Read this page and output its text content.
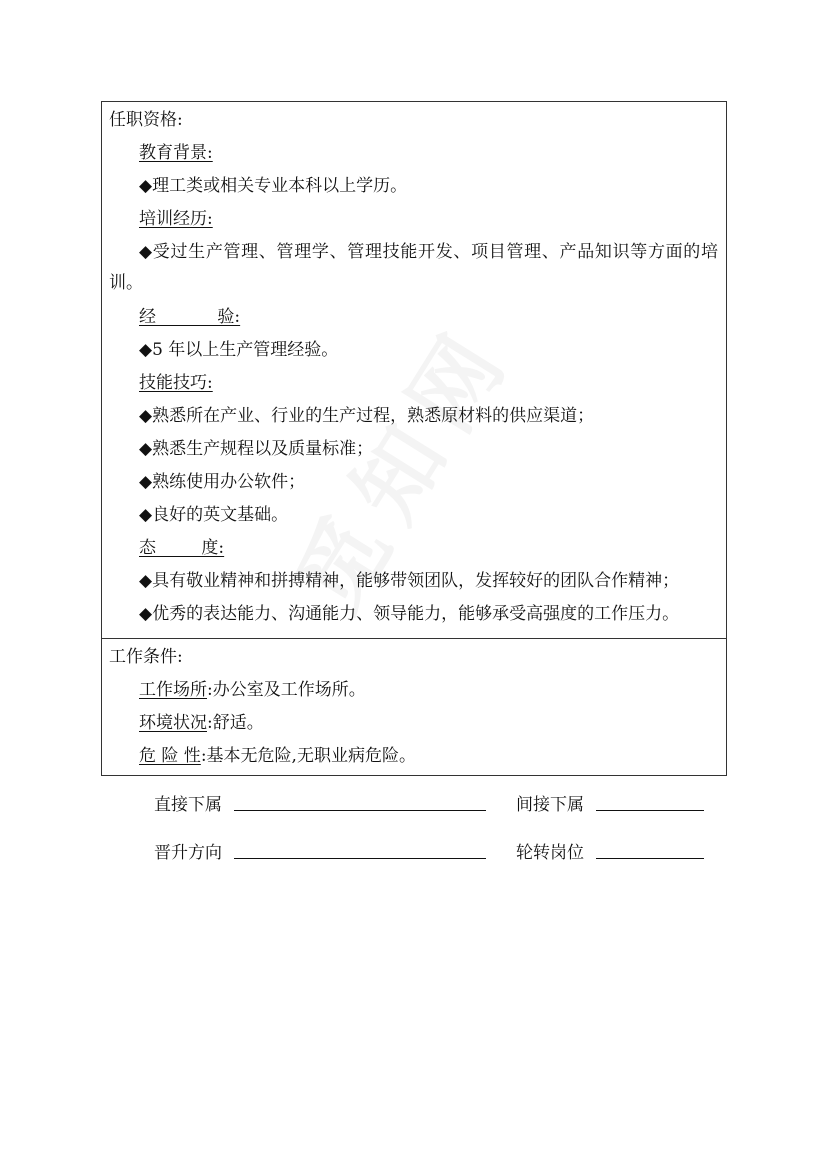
任职资格:
教育背景:
◆理工类或相关专业本科以上学历。
培训经历:
◆受过生产管理、管理学、管理技能开发、项目管理、产品知识等方面的培训。
经 验:
◆5 年以上生产管理经验。
技能技巧:
◆熟悉所在产业、行业的生产过程，熟悉原材料的供应渠道；
◆熟悉生产规程以及质量标准；
◆熟练使用办公软件；
◆良好的英文基础。
态 度:
◆具有敬业精神和拼搏精神，能够带领团队，发挥较好的团队合作精神；
◆优秀的表达能力、沟通能力、领导能力，能够承受高强度的工作压力。

工作条件:
工作场所:办公室及工作场所。
环境状况:舒适。
危 险 性:基本无危险,无职业病危险。
直接下属	间接下属
晋升方向	轮转岗位
